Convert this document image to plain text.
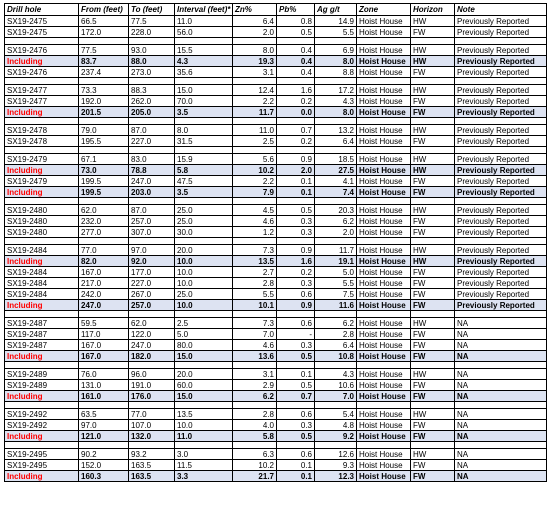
Drill hole	From (feet)	To (feet)	Interval (feet)*	Zn%	Pb%	Ag g/t	Zone	Horizon	Note
SX19-2475	66.5	77.5	11.0	6.4	0.8	14.9	Hoist House	HW	Previously Reported
SX19-2475	172.0	228.0	56.0	2.0	0.5	5.5	Hoist House	FW	Previously Reported

SX19-2476	77.5	93.0	15.5	8.0	0.4	6.9	Hoist House	HW	Previously Reported
Including	83.7	88.0	4.3	19.3	0.4	8.0	Hoist House	HW	Previously Reported
SX19-2476	237.4	273.0	35.6	3.1	0.4	8.8	Hoist House	FW	Previously Reported

SX19-2477	73.3	88.3	15.0	12.4	1.6	17.2	Hoist House	HW	Previously Reported
SX19-2477	192.0	262.0	70.0	2.2	0.2	4.3	Hoist House	FW	Previously Reported
Including	201.5	205.0	3.5	11.7	0.0	8.0	Hoist House	FW	Previously Reported

SX19-2478	79.0	87.0	8.0	11.0	0.7	13.2	Hoist House	HW	Previously Reported
SX19-2478	195.5	227.0	31.5	2.5	0.2	6.4	Hoist House	FW	Previously Reported

SX19-2479	67.1	83.0	15.9	5.6	0.9	18.5	Hoist House	HW	Previously Reported
Including	73.0	78.8	5.8	10.2	2.0	27.5	Hoist House	HW	Previously Reported
SX19-2479	199.5	247.0	47.5	2.2	0.1	4.1	Hoist House	FW	Previously Reported
Including	199.5	203.0	3.5	7.9	0.1	7.4	Hoist House	FW	Previously Reported

SX19-2480	62.0	87.0	25.0	4.5	0.5	20.3	Hoist House	HW	Previously Reported
SX19-2480	232.0	257.0	25.0	4.6	0.3	6.2	Hoist House	FW	Previously Reported
SX19-2480	277.0	307.0	30.0	1.2	0.3	2.0	Hoist House	FW	Previously Reported

SX19-2484	77.0	97.0	20.0	7.3	0.9	11.7	Hoist House	HW	Previously Reported
Including	82.0	92.0	10.0	13.5	1.6	19.1	Hoist House	HW	Previously Reported
SX19-2484	167.0	177.0	10.0	2.7	0.2	5.0	Hoist House	FW	Previously Reported
SX19-2484	217.0	227.0	10.0	2.8	0.3	5.5	Hoist House	FW	Previously Reported
SX19-2484	242.0	267.0	25.0	5.5	0.6	7.5	Hoist House	FW	Previously Reported
Including	247.0	257.0	10.0	10.1	0.9	11.6	Hoist House	FW	Previously Reported

SX19-2487	59.5	62.0	2.5	7.3	0.6	6.2	Hoist House	HW	NA
SX19-2487	117.0	122.0	5.0	7.0	-	2.8	Hoist House	FW	NA
SX19-2487	167.0	247.0	80.0	4.6	0.3	6.4	Hoist House	FW	NA
Including	167.0	182.0	15.0	13.6	0.5	10.8	Hoist House	FW	NA

SX19-2489	76.0	96.0	20.0	3.1	0.1	4.3	Hoist House	HW	NA
SX19-2489	131.0	191.0	60.0	2.9	0.5	10.6	Hoist House	FW	NA
Including	161.0	176.0	15.0	6.2	0.7	7.0	Hoist House	FW	NA

SX19-2492	63.5	77.0	13.5	2.8	0.6	5.4	Hoist House	HW	NA
SX19-2492	97.0	107.0	10.0	4.0	0.3	4.8	Hoist House	FW	NA
Including	121.0	132.0	11.0	5.8	0.5	9.2	Hoist House	FW	NA

SX19-2495	90.2	93.2	3.0	6.3	0.6	12.6	Hoist House	HW	NA
SX19-2495	152.0	163.5	11.5	10.2	0.1	9.3	Hoist House	FW	NA
Including	160.3	163.5	3.3	21.7	0.1	12.3	Hoist House	FW	NA
